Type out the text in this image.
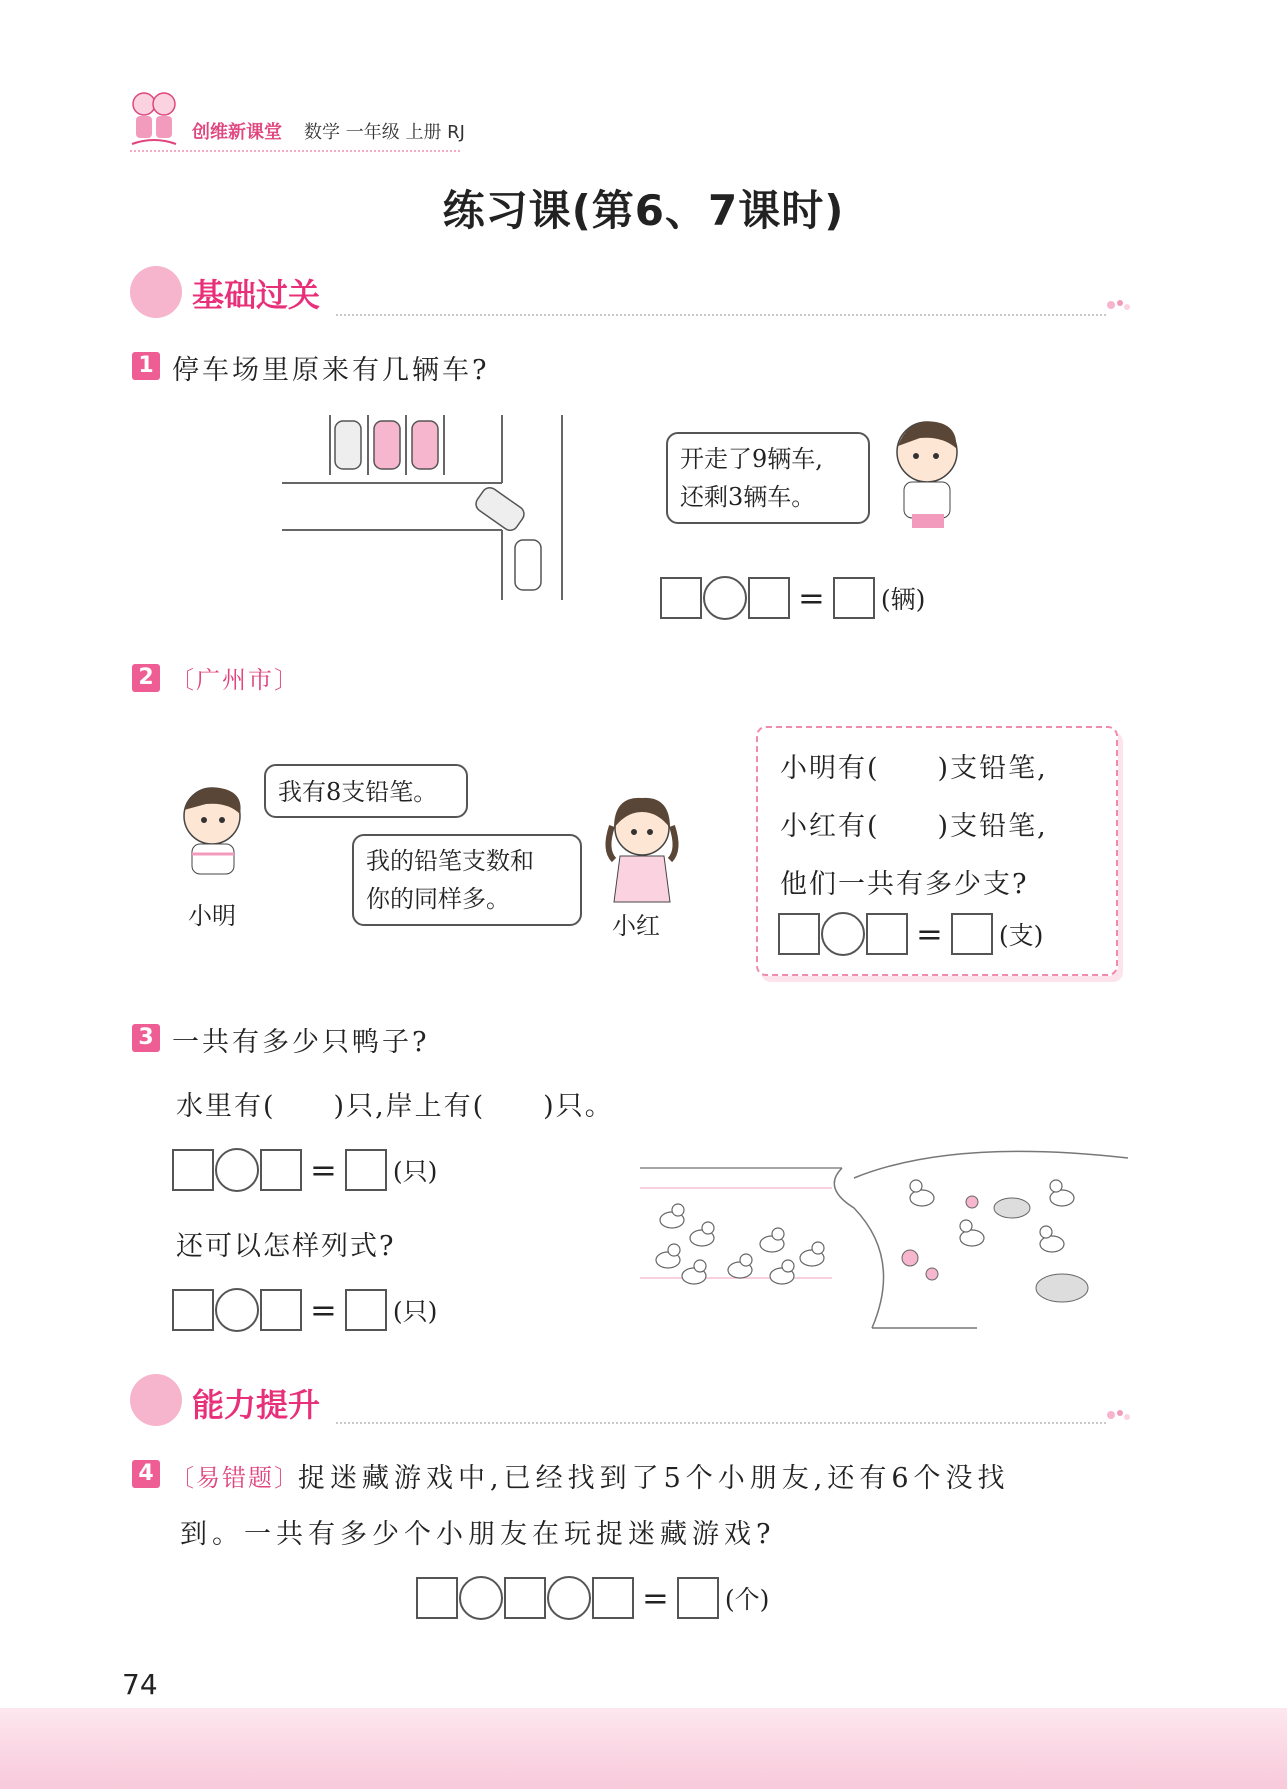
创维新课堂 数学 一年级 上册 RJ
练习课(第6、7课时)
基础过关
1 停车场里原来有几辆车?
开走了9辆车,
还剩3辆车。
= (辆)
2 〔广州市〕
小明
我有8支铅笔。
我的铅笔支数和
你的同样多。
小红
小明有(　　)支铅笔,
小红有(　　)支铅笔,
他们一共有多少支?
= (支)
3 一共有多少只鸭子?
水里有(　　)只,岸上有(　　)只。
= (只)
还可以怎样列式?
= (只)
能力提升
4 〔易错题〕
捉迷藏游戏中,已经找到了5个小朋友,还有6个没找
到。一共有多少个小朋友在玩捉迷藏游戏?
= (个)
74
